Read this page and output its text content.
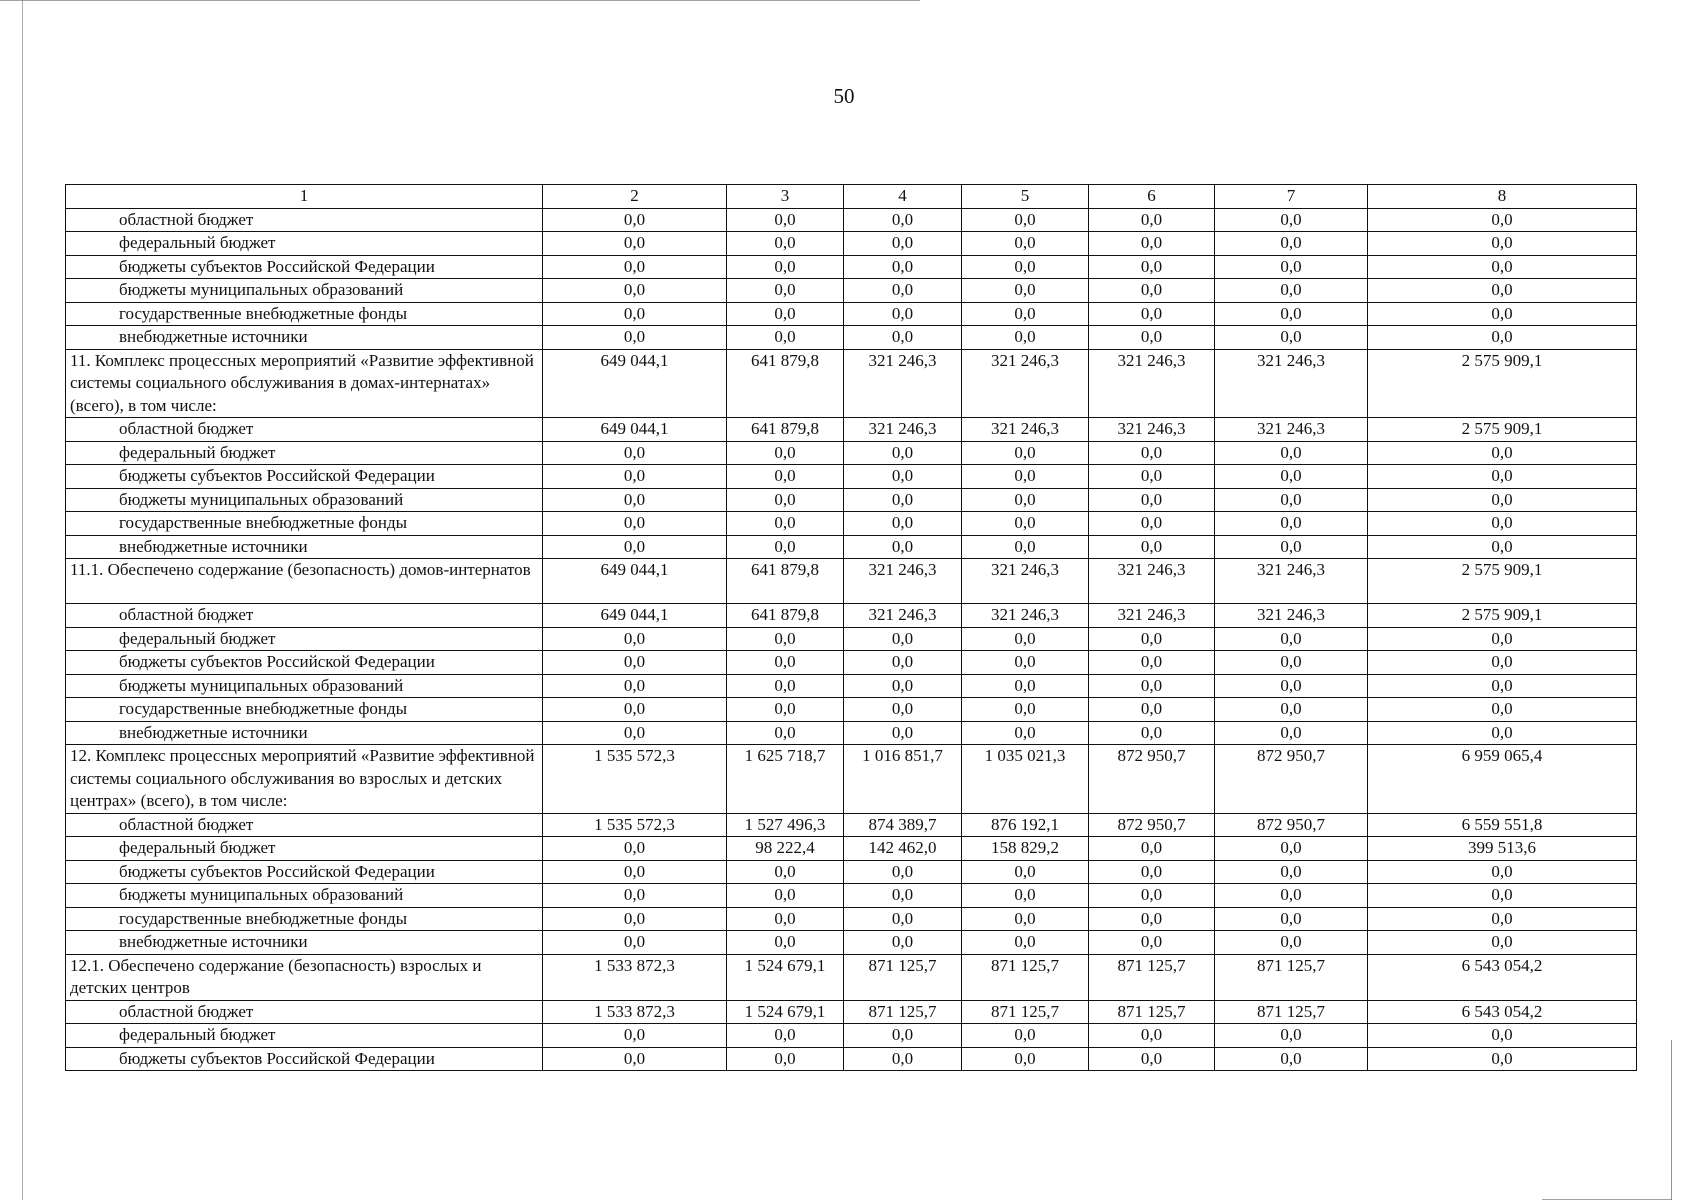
50
1	2	3	4	5	6	7	8
областной бюджет	0,0	0,0	0,0	0,0	0,0	0,0	0,0
федеральный бюджет	0,0	0,0	0,0	0,0	0,0	0,0	0,0
бюджеты субъектов Российской Федерации	0,0	0,0	0,0	0,0	0,0	0,0	0,0
бюджеты муниципальных образований	0,0	0,0	0,0	0,0	0,0	0,0	0,0
государственные внебюджетные фонды	0,0	0,0	0,0	0,0	0,0	0,0	0,0
внебюджетные источники	0,0	0,0	0,0	0,0	0,0	0,0	0,0
11. Комплекс процессных мероприятий «Развитие эффективной системы социального обслуживания в домах-интернатах» (всего), в том числе:	649 044,1	641 879,8	321 246,3	321 246,3	321 246,3	321 246,3	2 575 909,1
областной бюджет	649 044,1	641 879,8	321 246,3	321 246,3	321 246,3	321 246,3	2 575 909,1
федеральный бюджет	0,0	0,0	0,0	0,0	0,0	0,0	0,0
бюджеты субъектов Российской Федерации	0,0	0,0	0,0	0,0	0,0	0,0	0,0
бюджеты муниципальных образований	0,0	0,0	0,0	0,0	0,0	0,0	0,0
государственные внебюджетные фонды	0,0	0,0	0,0	0,0	0,0	0,0	0,0
внебюджетные источники	0,0	0,0	0,0	0,0	0,0	0,0	0,0
11.1. Обеспечено содержание (безопасность) домов-интернатов	649 044,1	641 879,8	321 246,3	321 246,3	321 246,3	321 246,3	2 575 909,1
областной бюджет	649 044,1	641 879,8	321 246,3	321 246,3	321 246,3	321 246,3	2 575 909,1
федеральный бюджет	0,0	0,0	0,0	0,0	0,0	0,0	0,0
бюджеты субъектов Российской Федерации	0,0	0,0	0,0	0,0	0,0	0,0	0,0
бюджеты муниципальных образований	0,0	0,0	0,0	0,0	0,0	0,0	0,0
государственные внебюджетные фонды	0,0	0,0	0,0	0,0	0,0	0,0	0,0
внебюджетные источники	0,0	0,0	0,0	0,0	0,0	0,0	0,0
12. Комплекс процессных мероприятий «Развитие эффективной системы социального обслуживания во взрослых и детских центрах» (всего), в том числе:	1 535 572,3	1 625 718,7	1 016 851,7	1 035 021,3	872 950,7	872 950,7	6 959 065,4
областной бюджет	1 535 572,3	1 527 496,3	874 389,7	876 192,1	872 950,7	872 950,7	6 559 551,8
федеральный бюджет	0,0	98 222,4	142 462,0	158 829,2	0,0	0,0	399 513,6
бюджеты субъектов Российской Федерации	0,0	0,0	0,0	0,0	0,0	0,0	0,0
бюджеты муниципальных образований	0,0	0,0	0,0	0,0	0,0	0,0	0,0
государственные внебюджетные фонды	0,0	0,0	0,0	0,0	0,0	0,0	0,0
внебюджетные источники	0,0	0,0	0,0	0,0	0,0	0,0	0,0
12.1. Обеспечено содержание (безопасность) взрослых и детских центров	1 533 872,3	1 524 679,1	871 125,7	871 125,7	871 125,7	871 125,7	6 543 054,2
областной бюджет	1 533 872,3	1 524 679,1	871 125,7	871 125,7	871 125,7	871 125,7	6 543 054,2
федеральный бюджет	0,0	0,0	0,0	0,0	0,0	0,0	0,0
бюджеты субъектов Российской Федерации	0,0	0,0	0,0	0,0	0,0	0,0	0,0
